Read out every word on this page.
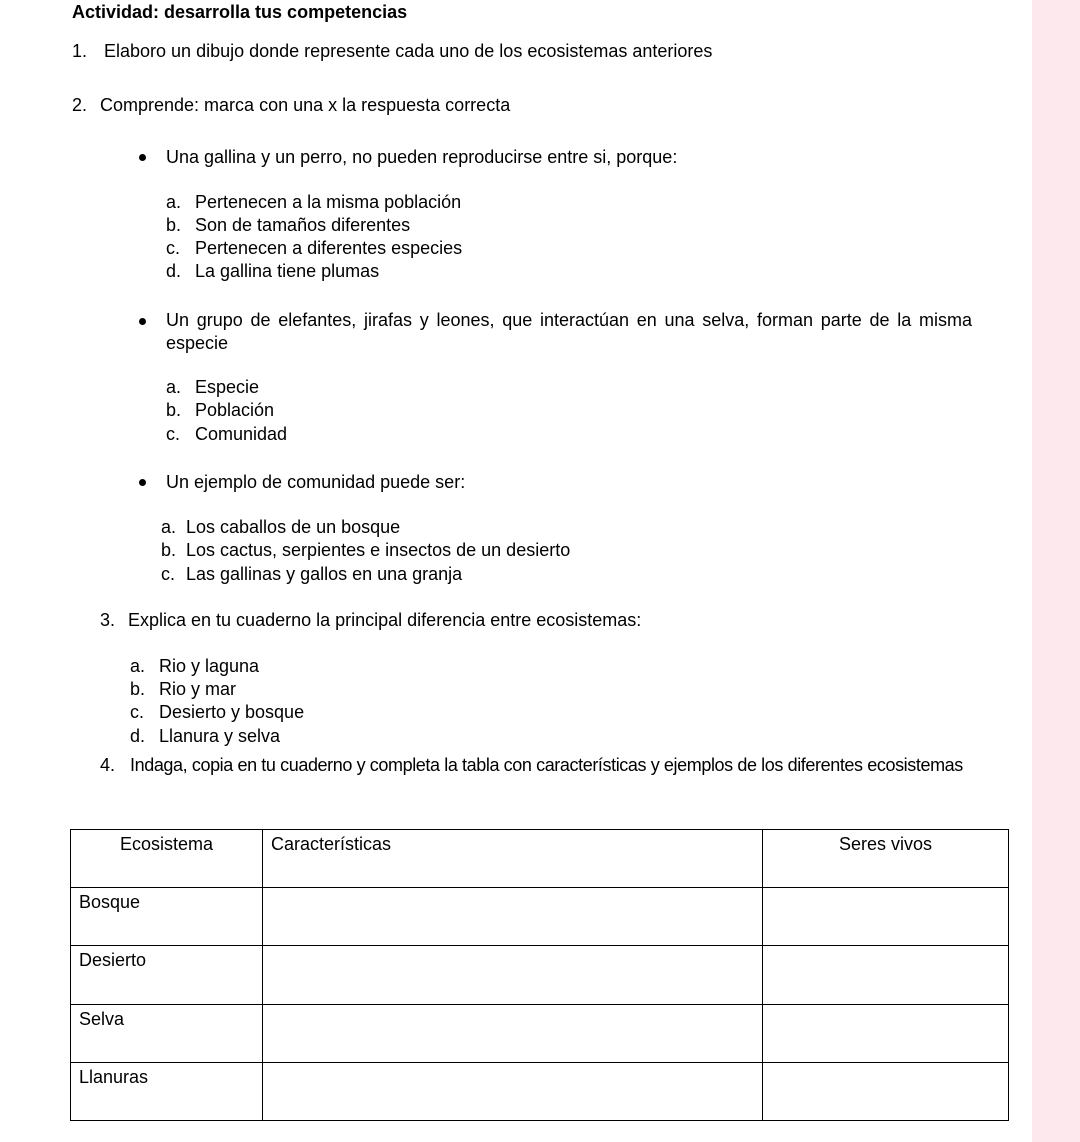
Actividad: desarrolla tus competencias
1. Elaboro un dibujo donde represente cada uno de los ecosistemas anteriores
2. Comprende: marca con una x la respuesta correcta
Una gallina y un perro, no pueden reproducirse entre si, porque:
a. Pertenecen a la misma población
b. Son de tamaños diferentes
c. Pertenecen a diferentes especies
d. La gallina tiene plumas
Un grupo de elefantes, jirafas y leones, que interactúan en una selva, forman parte de la misma especie
a. Especie
b. Población
c. Comunidad
Un ejemplo de comunidad puede ser:
a. Los caballos de un bosque
b. Los cactus, serpientes e insectos de un desierto
c. Las gallinas y gallos en una granja
3. Explica en tu cuaderno la principal diferencia entre ecosistemas:
a. Rio y laguna
b. Rio y mar
c. Desierto y bosque
d. Llanura y selva
4. Indaga, copia en tu cuaderno y completa la tabla con características y ejemplos de los diferentes ecosistemas
Ecosistema	Características	Seres vivos
Bosque		
Desierto		
Selva		
Llanuras		
